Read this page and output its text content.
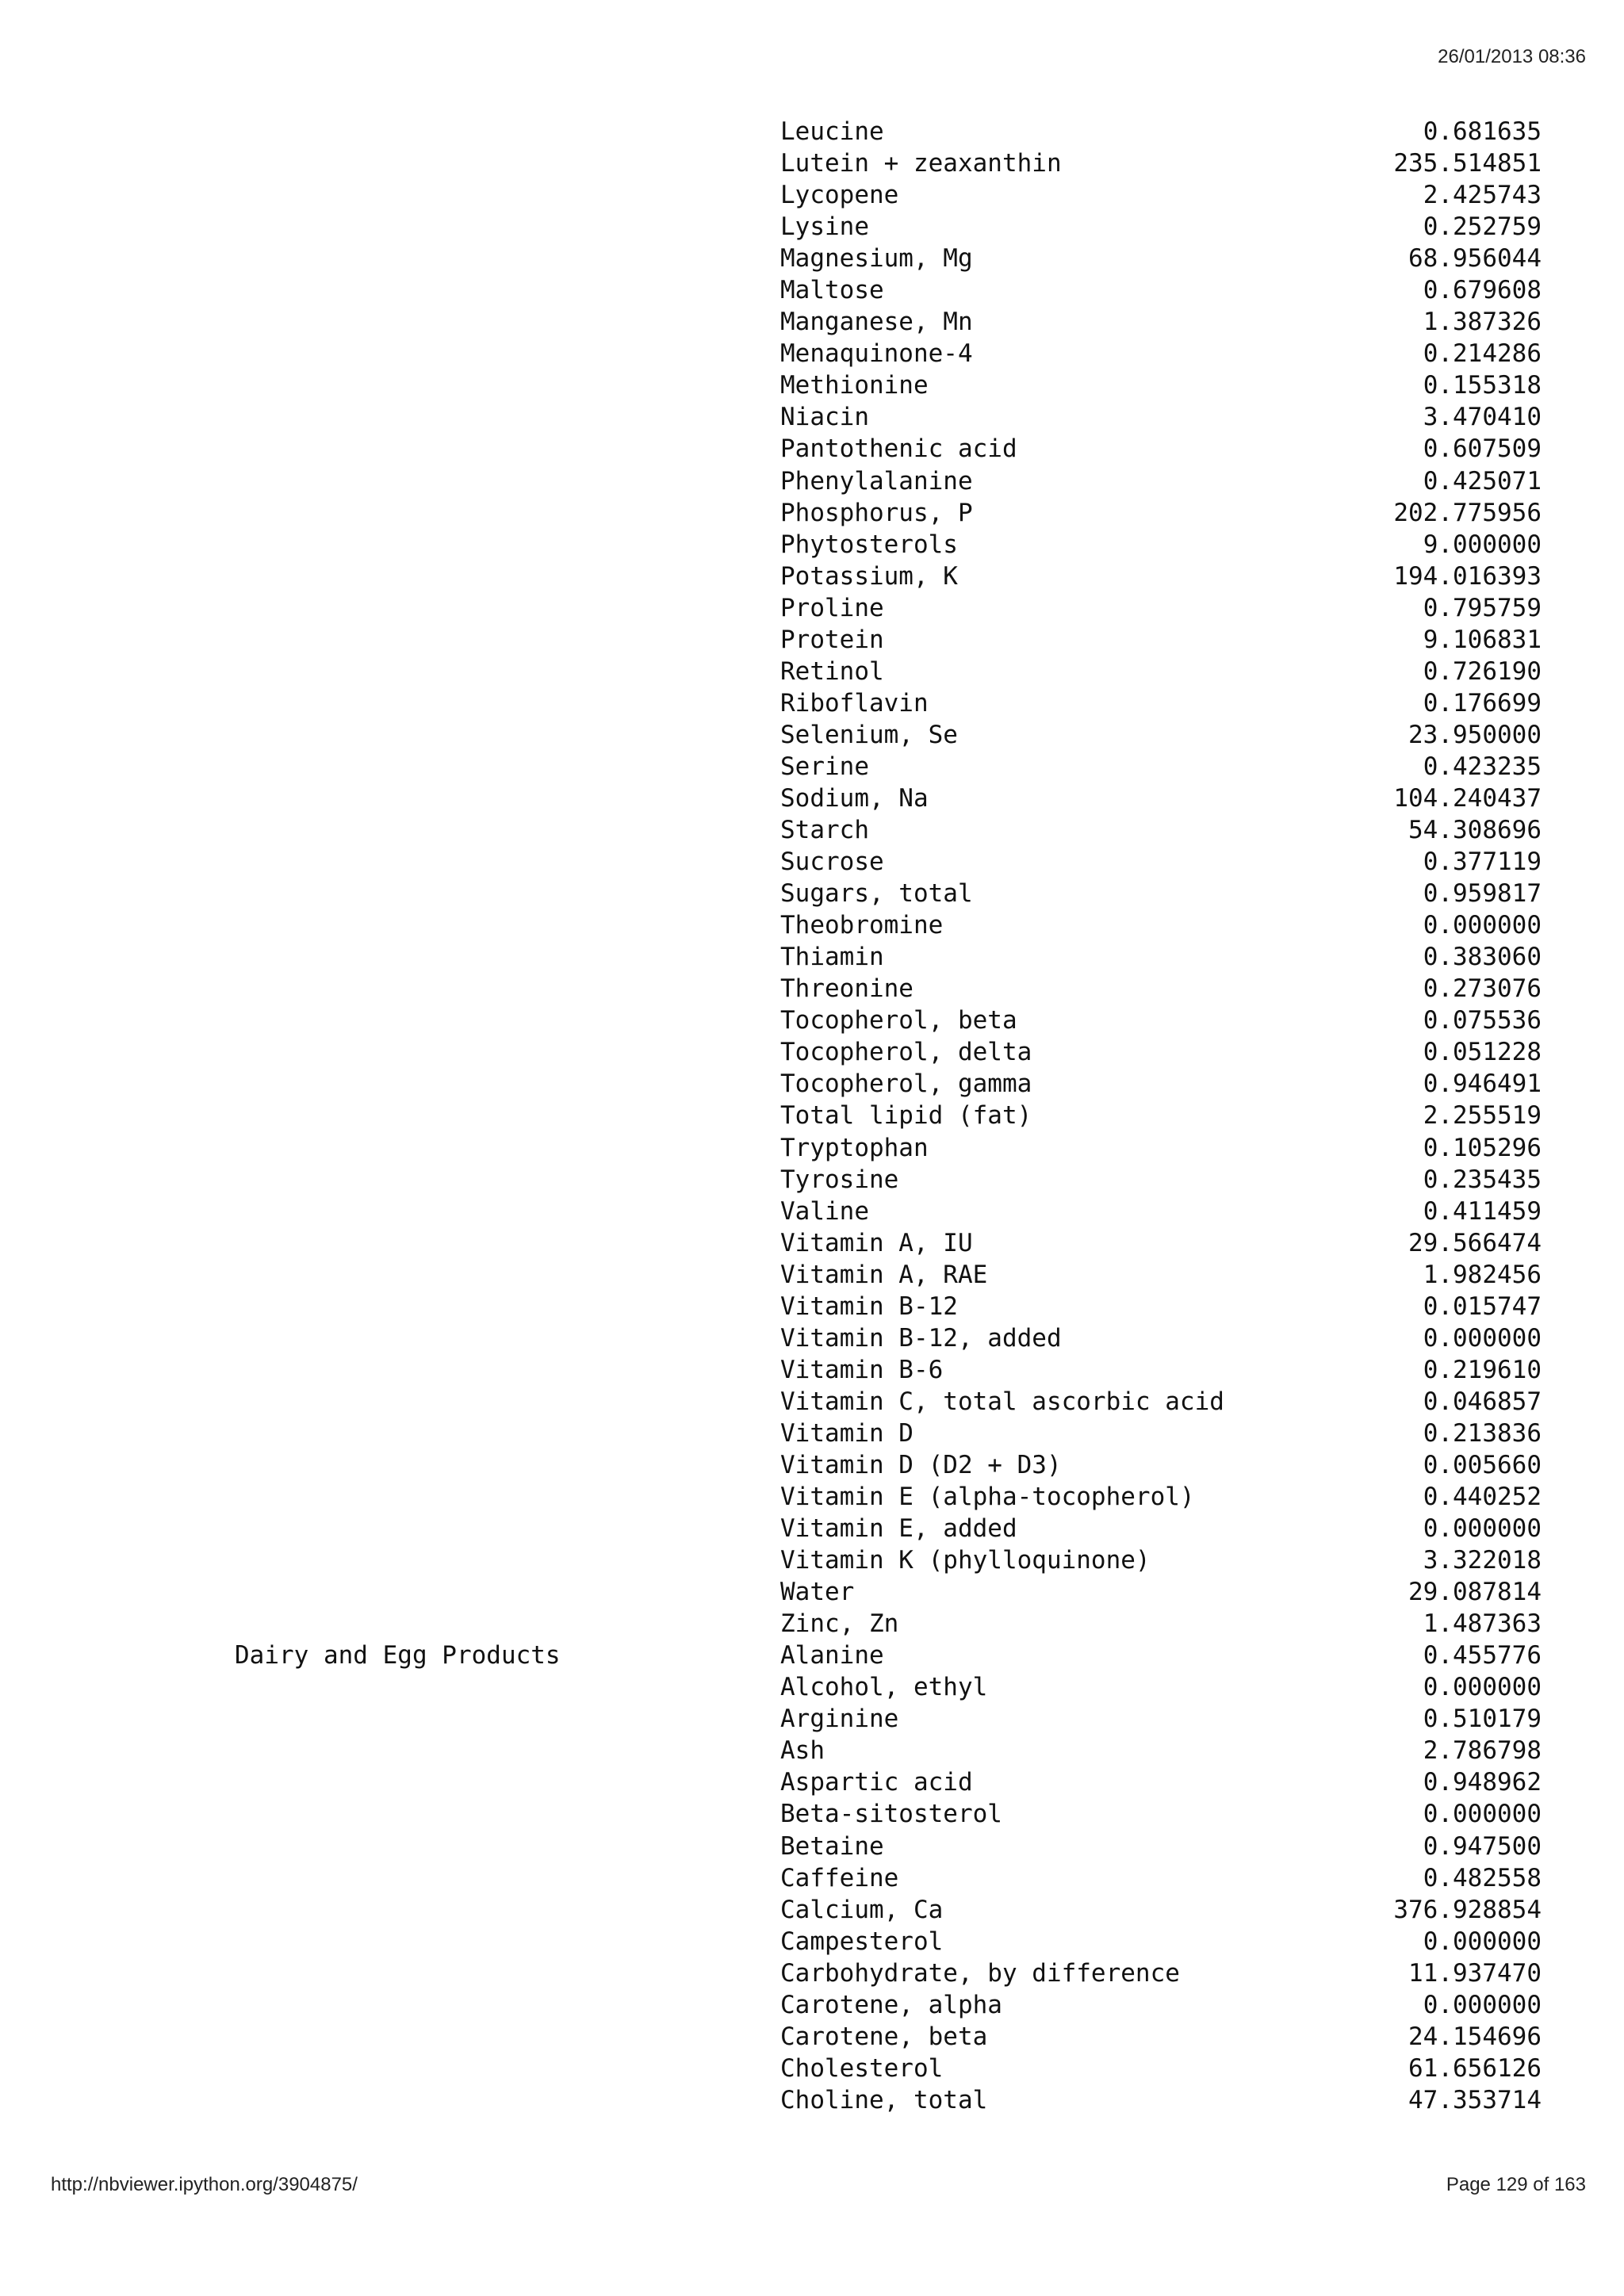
26/01/2013 08:36
Leucine	0.681635
Lutein + zeaxanthin	235.514851
Lycopene	2.425743
Lysine	0.252759
Magnesium, Mg	68.956044
Maltose	0.679608
Manganese, Mn	1.387326
Menaquinone-4	0.214286
Methionine	0.155318
Niacin	3.470410
Pantothenic acid	0.607509
Phenylalanine	0.425071
Phosphorus, P	202.775956
Phytosterols	9.000000
Potassium, K	194.016393
Proline	0.795759
Protein	9.106831
Retinol	0.726190
Riboflavin	0.176699
Selenium, Se	23.950000
Serine	0.423235
Sodium, Na	104.240437
Starch	54.308696
Sucrose	0.377119
Sugars, total	0.959817
Theobromine	0.000000
Thiamin	0.383060
Threonine	0.273076
Tocopherol, beta	0.075536
Tocopherol, delta	0.051228
Tocopherol, gamma	0.946491
Total lipid (fat)	2.255519
Tryptophan	0.105296
Tyrosine	0.235435
Valine	0.411459
Vitamin A, IU	29.566474
Vitamin A, RAE	1.982456
Vitamin B-12	0.015747
Vitamin B-12, added	0.000000
Vitamin B-6	0.219610
Vitamin C, total ascorbic acid	0.046857
Vitamin D	0.213836
Vitamin D (D2 + D3)	0.005660
Vitamin E (alpha-tocopherol)	0.440252
Vitamin E, added	0.000000
Vitamin K (phylloquinone)	3.322018
Water	29.087814
Zinc, Zn	1.487363
Dairy and Egg Products	Alanine	0.455776
Alcohol, ethyl	0.000000
Arginine	0.510179
Ash	2.786798
Aspartic acid	0.948962
Beta-sitosterol	0.000000
Betaine	0.947500
Caffeine	0.482558
Calcium, Ca	376.928854
Campesterol	0.000000
Carbohydrate, by difference	11.937470
Carotene, alpha	0.000000
Carotene, beta	24.154696
Cholesterol	61.656126
Choline, total	47.353714
http://nbviewer.ipython.org/3904875/	Page 129 of 163
